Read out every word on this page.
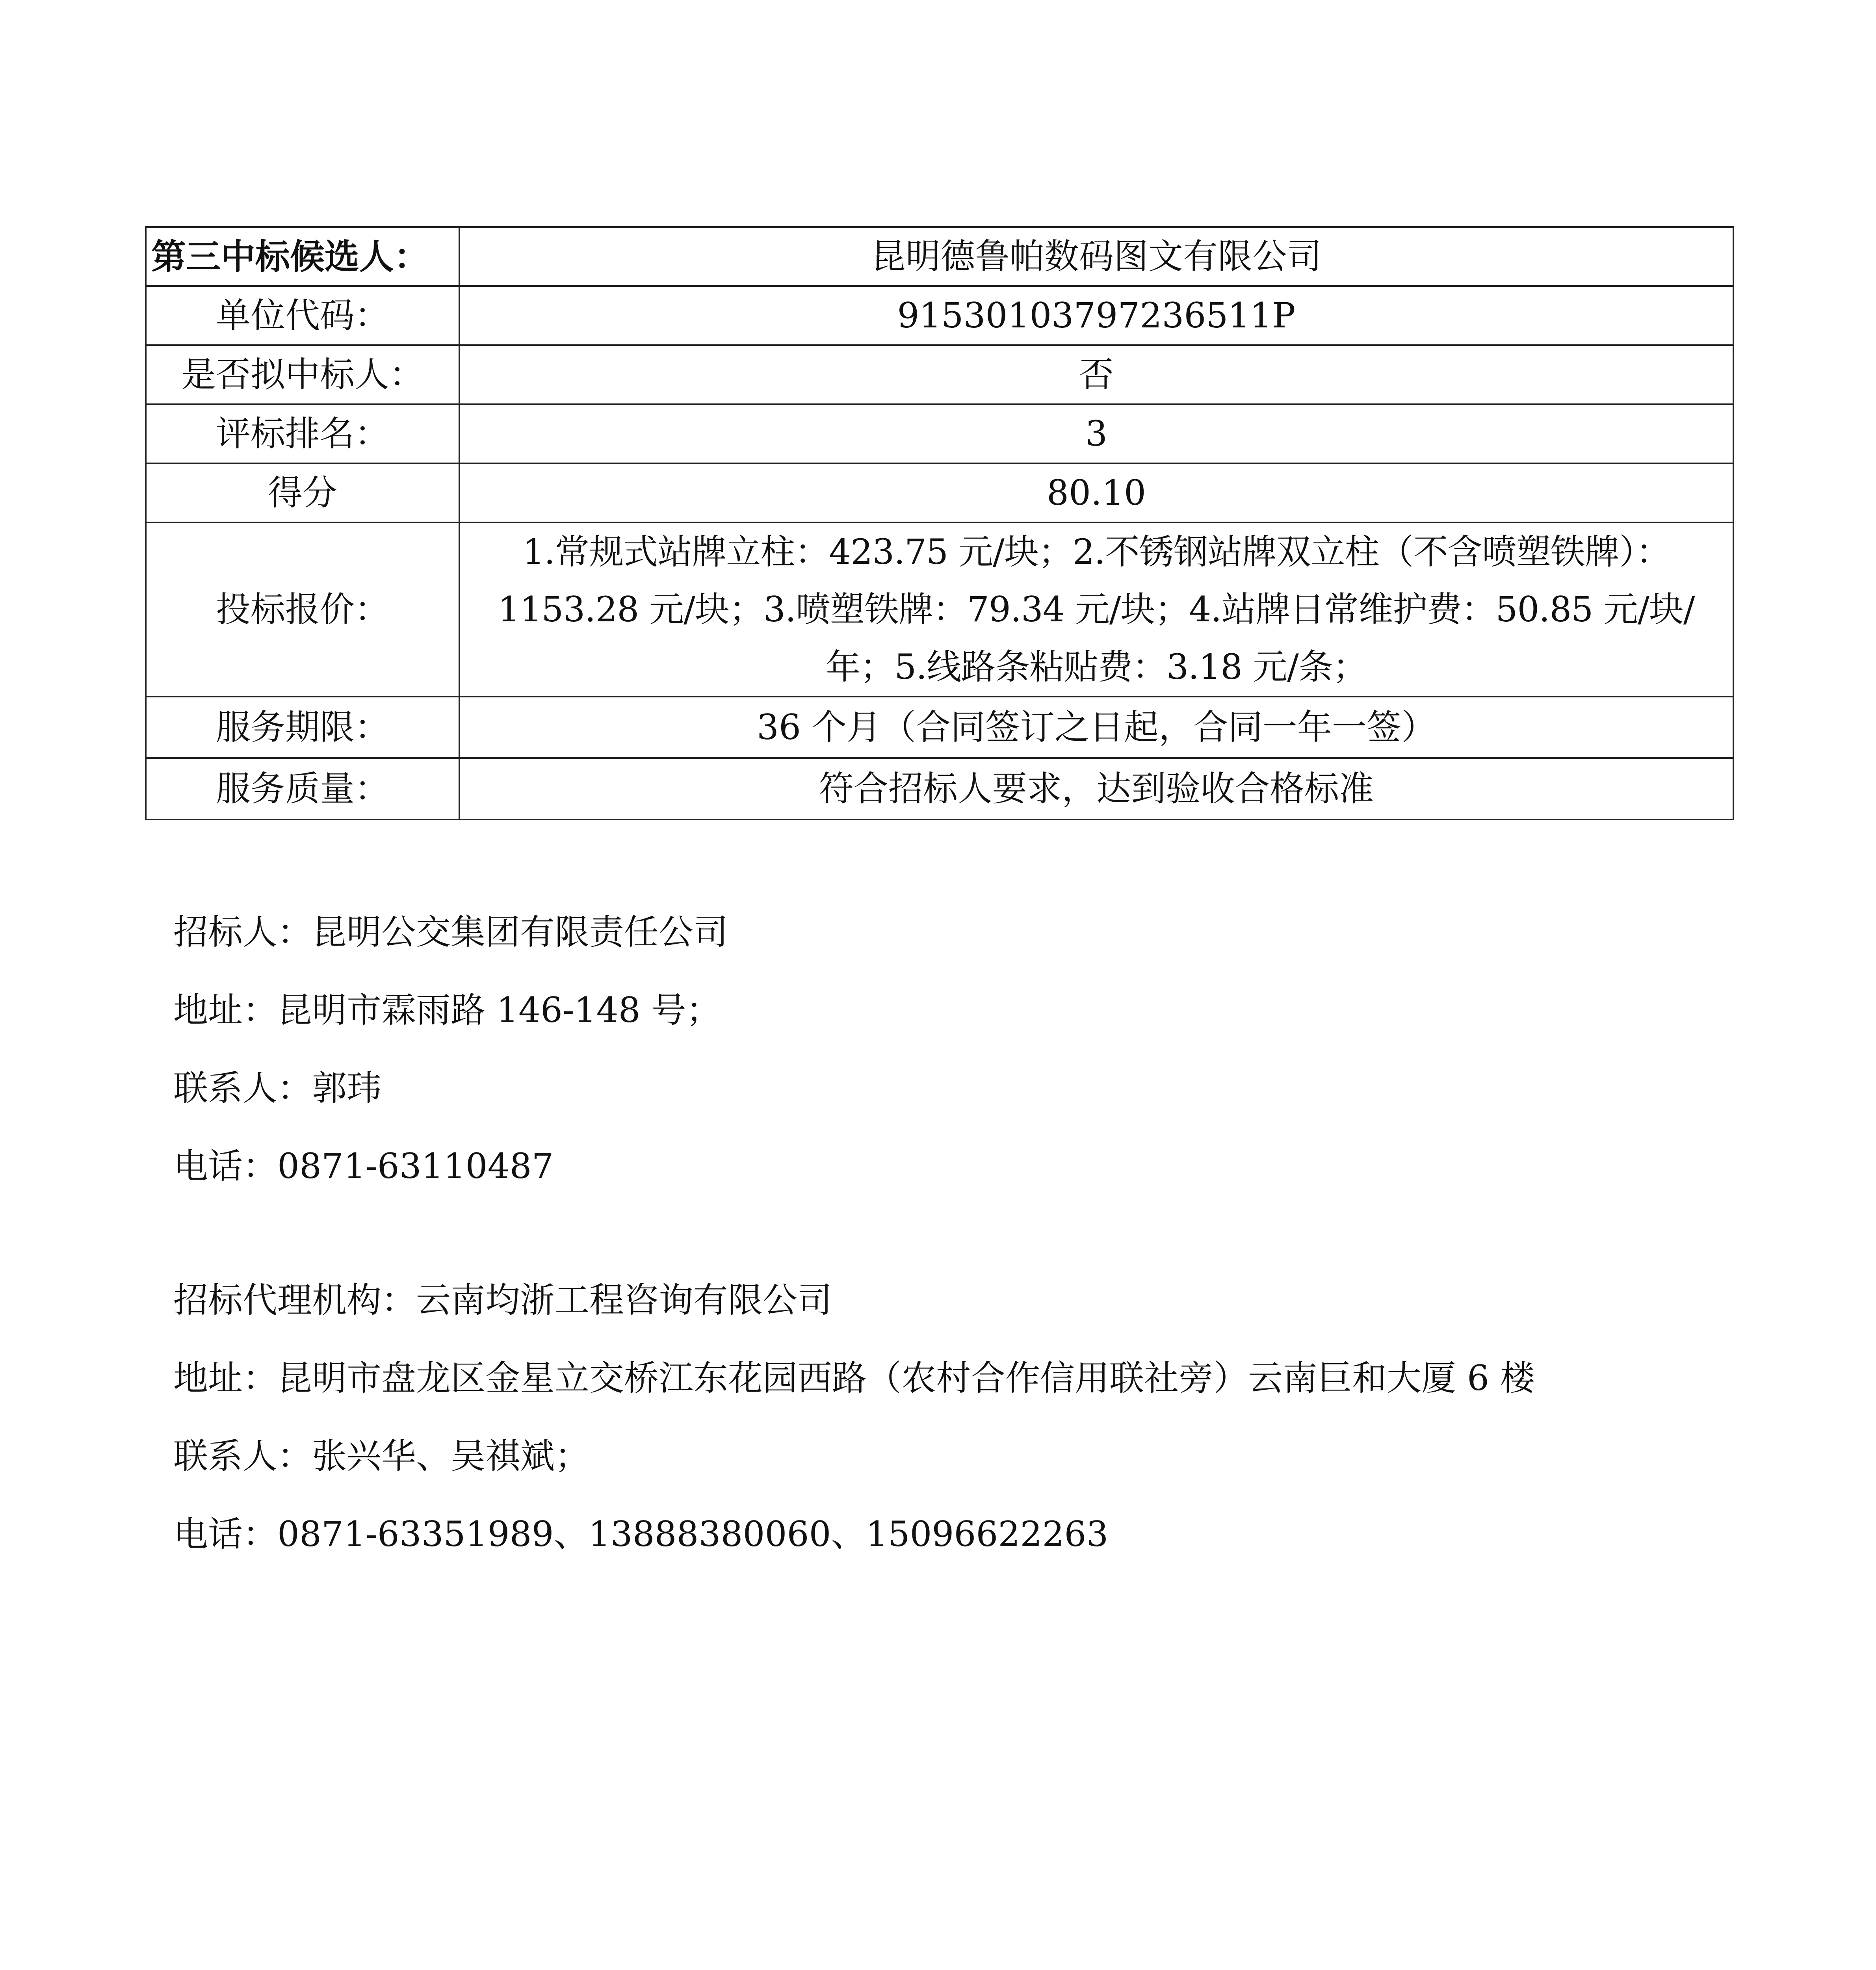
第三中标候选人：	昆明德鲁帕数码图文有限公司
单位代码：	91530103797236511P
是否拟中标人：	否
评标排名：	3
得分	80.10
投标报价：	1.常规式站牌立柱：423.75 元/块；2.不锈钢站牌双立柱（不含喷塑铁牌）：
1153.28 元/块；3.喷塑铁牌：79.34 元/块；4.站牌日常维护费：50.85 元/块/
年；5.线路条粘贴费：3.18 元/条；

服务期限：	36 个月（合同签订之日起，合同一年一签）
服务质量：	符合招标人要求，达到验收合格标准
招标人：昆明公交集团有限责任公司
地址：昆明市霖雨路 146-148 号；
联系人：郭玮
电话：0871-63110487
招标代理机构：云南均浙工程咨询有限公司
地址：昆明市盘龙区金星立交桥江东花园西路（农村合作信用联社旁）云南巨和大厦 6 楼
联系人：张兴华、吴祺斌；
电话：0871-63351989、13888380060、15096622263
